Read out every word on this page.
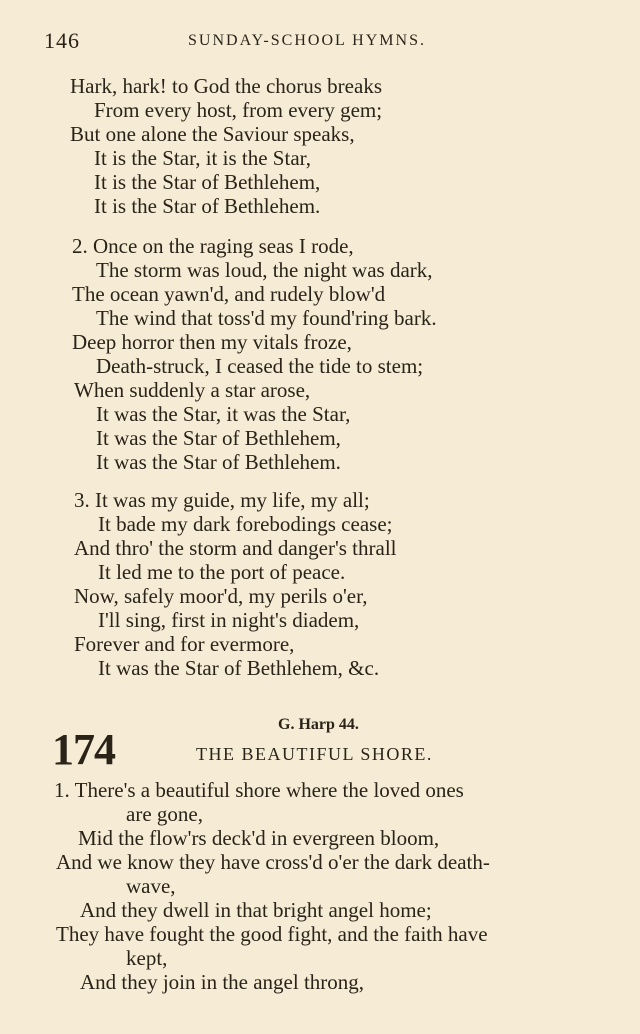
146	SUNDAY-SCHOOL HYMNS.
Hark, hark! to God the chorus breaks
From every host, from every gem;
But one alone the Saviour speaks,
It is the Star, it is the Star,
It is the Star of Bethlehem,
It is the Star of Bethlehem.
2. Once on the raging seas I rode,
The storm was loud, the night was dark,
The ocean yawn'd, and rudely blow'd
The wind that toss'd my found'ring bark.
Deep horror then my vitals froze,
Death-struck, I ceased the tide to stem;
When suddenly a star arose,
It was the Star, it was the Star,
It was the Star of Bethlehem,
It was the Star of Bethlehem.
3. It was my guide, my life, my all;
It bade my dark forebodings cease;
And thro' the storm and danger's thrall
It led me to the port of peace.
Now, safely moor'd, my perils o'er,
I'll sing, first in night's diadem,
Forever and for evermore,
It was the Star of Bethlehem, &c.
174
G. Harp 44.
THE BEAUTIFUL SHORE.
1. There's a beautiful shore where the loved ones
are gone,
Mid the flow'rs deck'd in evergreen bloom,
And we know they have cross'd o'er the dark death-
wave,
And they dwell in that bright angel home;
They have fought the good fight, and the faith have
kept,
And they join in the angel throng,
